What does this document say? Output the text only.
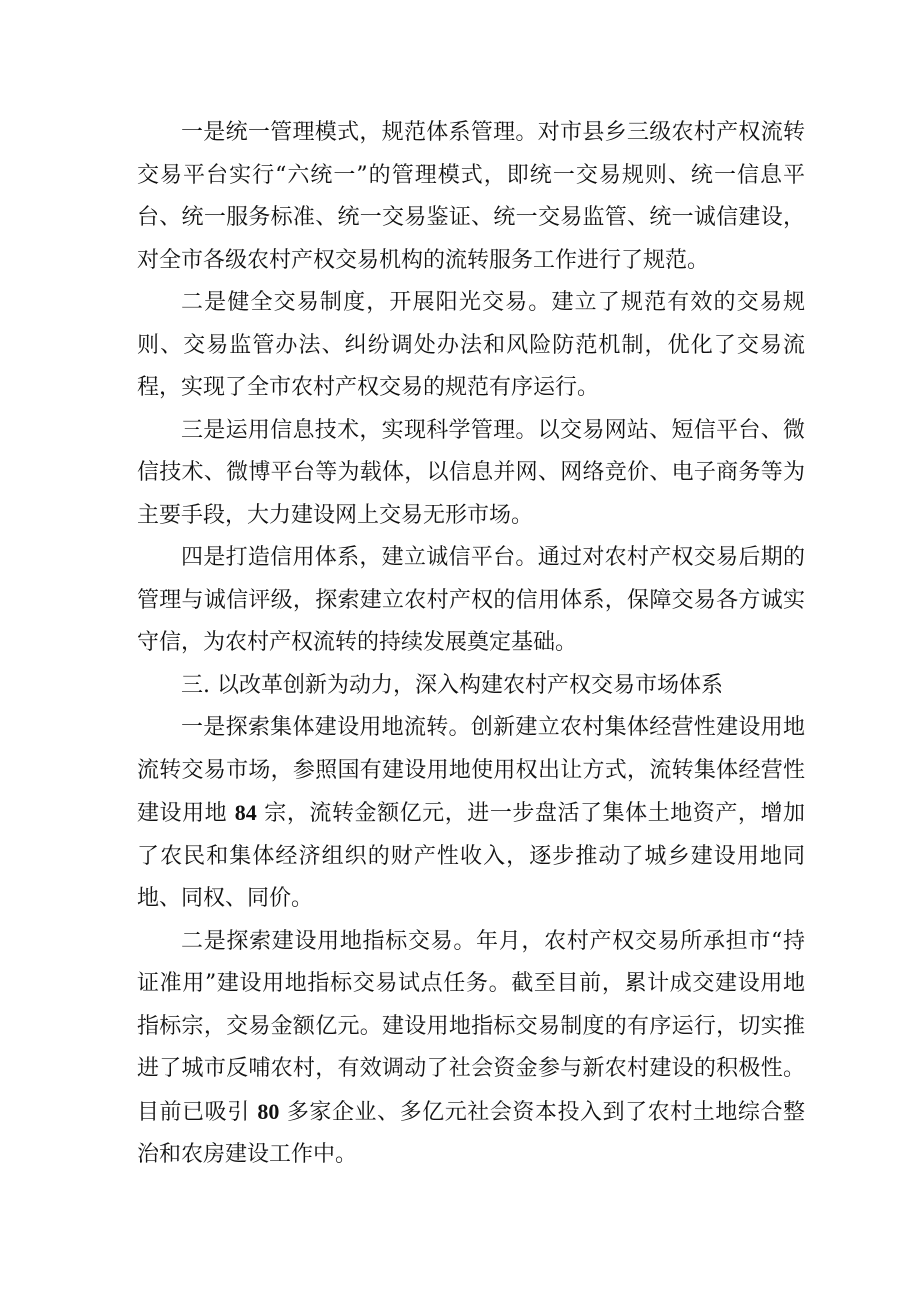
一是统一管理模式，规范体系管理。对市县乡三级农村产权流转交易平台实行“六统一”的管理模式，即统一交易规则、统一信息平台、统一服务标准、统一交易鉴证、统一交易监管、统一诚信建设，对全市各级农村产权交易机构的流转服务工作进行了规范。

二是健全交易制度，开展阳光交易。建立了规范有效的交易规则、交易监管办法、纠纷调处办法和风险防范机制，优化了交易流程，实现了全市农村产权交易的规范有序运行。

三是运用信息技术，实现科学管理。以交易网站、短信平台、微信技术、微博平台等为载体，以信息并网、网络竞价、电子商务等为主要手段，大力建设网上交易无形市场。

四是打造信用体系，建立诚信平台。通过对农村产权交易后期的管理与诚信评级，探索建立农村产权的信用体系，保障交易各方诚实守信，为农村产权流转的持续发展奠定基础。

三. 以改革创新为动力，深入构建农村产权交易市场体系

一是探索集体建设用地流转。创新建立农村集体经营性建设用地流转交易市场，参照国有建设用地使用权出让方式，流转集体经营性建设用地 84 宗，流转金额亿元，进一步盘活了集体土地资产，增加了农民和集体经济组织的财产性收入，逐步推动了城乡建设用地同地、同权、同价。

二是探索建设用地指标交易。年月，农村产权交易所承担市“持证准用”建设用地指标交易试点任务。截至目前，累计成交建设用地指标宗，交易金额亿元。建设用地指标交易制度的有序运行，切实推进了城市反哺农村，有效调动了社会资金参与新农村建设的积极性。目前已吸引 80 多家企业、多亿元社会资本投入到了农村土地综合整治和农房建设工作中。
